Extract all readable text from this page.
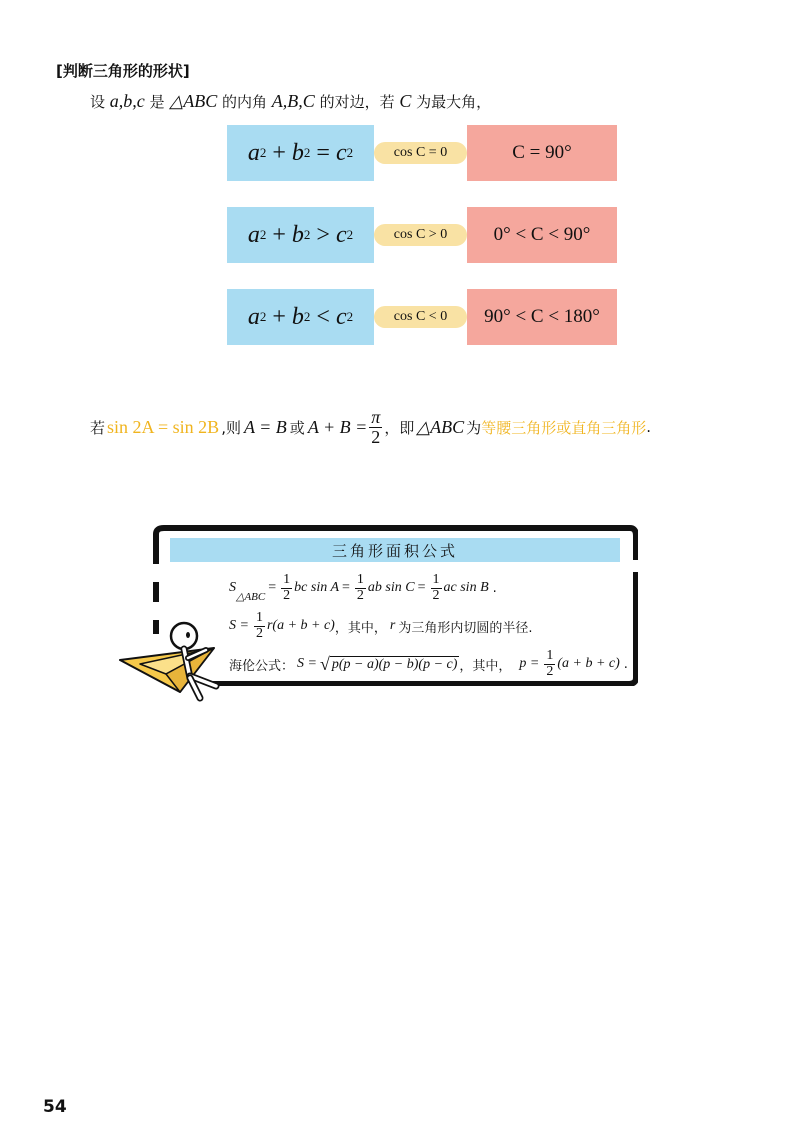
[判断三角形的形状]
设 a,b,c 是 △ABC 的内角 A,B,C 的对边，若 C 为最大角，
a 2 + b 2 = c 2	cos C = 0	C = 90°
a 2 + b 2 > c 2	cos C > 0	0° < C < 90°
a 2 + b 2 < c 2	cos C < 0	90° < C < 180°
若 sin 2A = sin 2B ,则 A = B 或 $A + B = \frac{\pi}{2}$ ，即 △ABC 为 等腰三角形或直角三角形 .
三角形面积公式
S
△ABC
= $\frac{1}{2}$ bc $\sin A = \frac{1}{2}$ ab $\sin C = \frac{1}{2}$ ac sin B .
$S = \frac{1}{2} r(a + b + c)$ ，其中， r 为三角形内切圆的半径.
海伦公式： S = √ p(p − a)(p − b)(p − c) ，其中， $p = \frac{1}{2} (a + b + c)$ .
54
